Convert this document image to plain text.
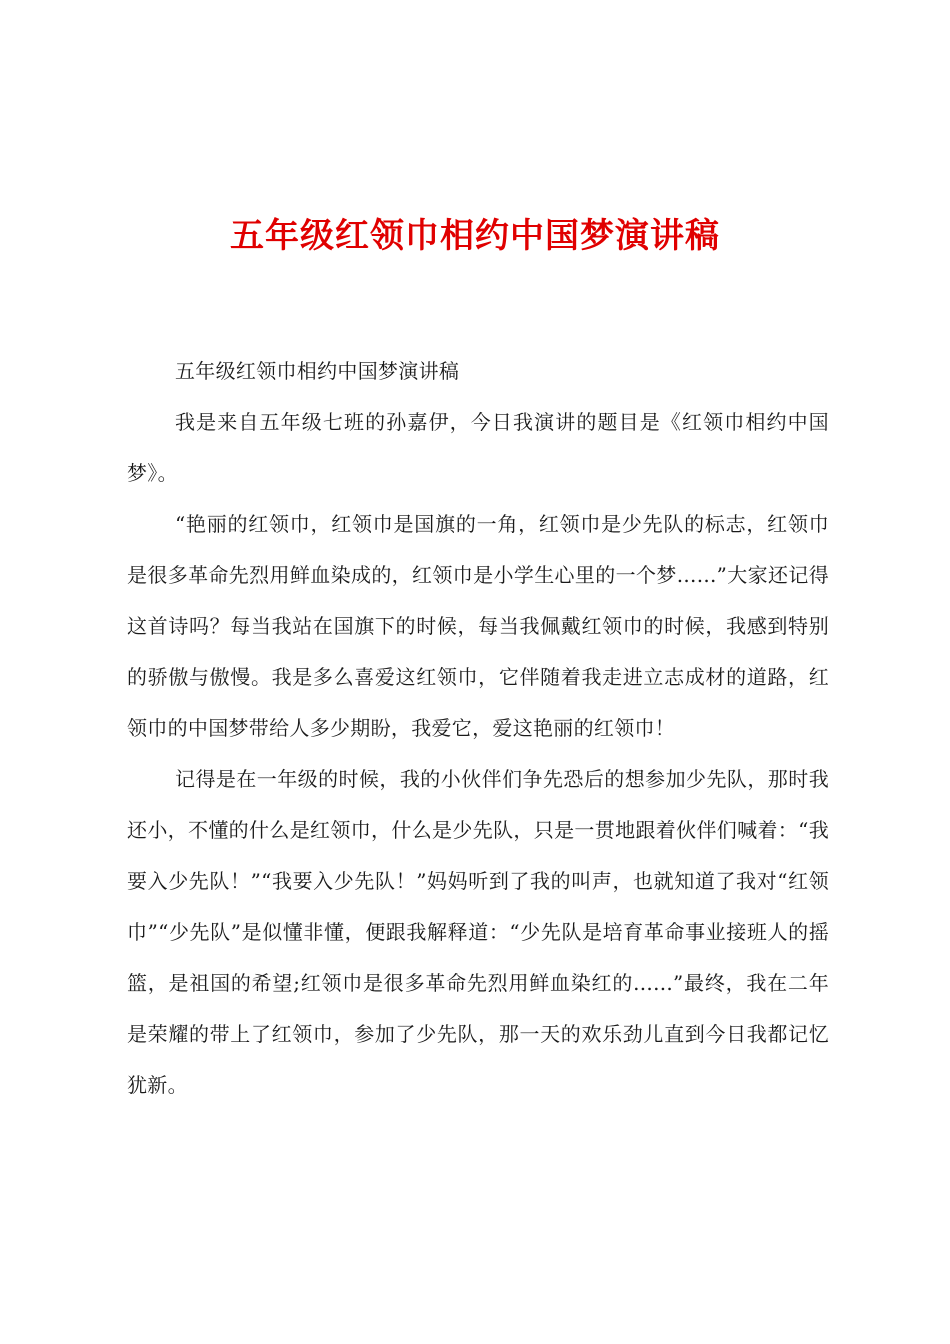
五年级红领巾相约中国梦演讲稿

五年级红领巾相约中国梦演讲稿

我是来自五年级七班的孙嘉伊，今日我演讲的题目是《红领巾相约中国梦》。

“艳丽的红领巾，红领巾是国旗的一角，红领巾是少先队的标志，红领巾是很多革命先烈用鲜血染成的，红领巾是小学生心里的一个梦......”大家还记得这首诗吗？每当我站在国旗下的时候，每当我佩戴红领巾的时候，我感到特别的骄傲与傲慢。我是多么喜爱这红领巾，它伴随着我走进立志成材的道路，红领巾的中国梦带给人多少期盼，我爱它，爱这艳丽的红领巾！

记得是在一年级的时候，我的小伙伴们争先恐后的想参加少先队，那时我还小，不懂的什么是红领巾，什么是少先队，只是一贯地跟着伙伴们喊着：“我要入少先队！”“我要入少先队！”妈妈听到了我的叫声，也就知道了我对“红领巾”“少先队”是似懂非懂，便跟我解释道：“少先队是培育革命事业接班人的摇篮，是祖国的希望;红领巾是很多革命先烈用鲜血染红的......”最终，我在二年是荣耀的带上了红领巾，参加了少先队，那一天的欢乐劲儿直到今日我都记忆犹新。
